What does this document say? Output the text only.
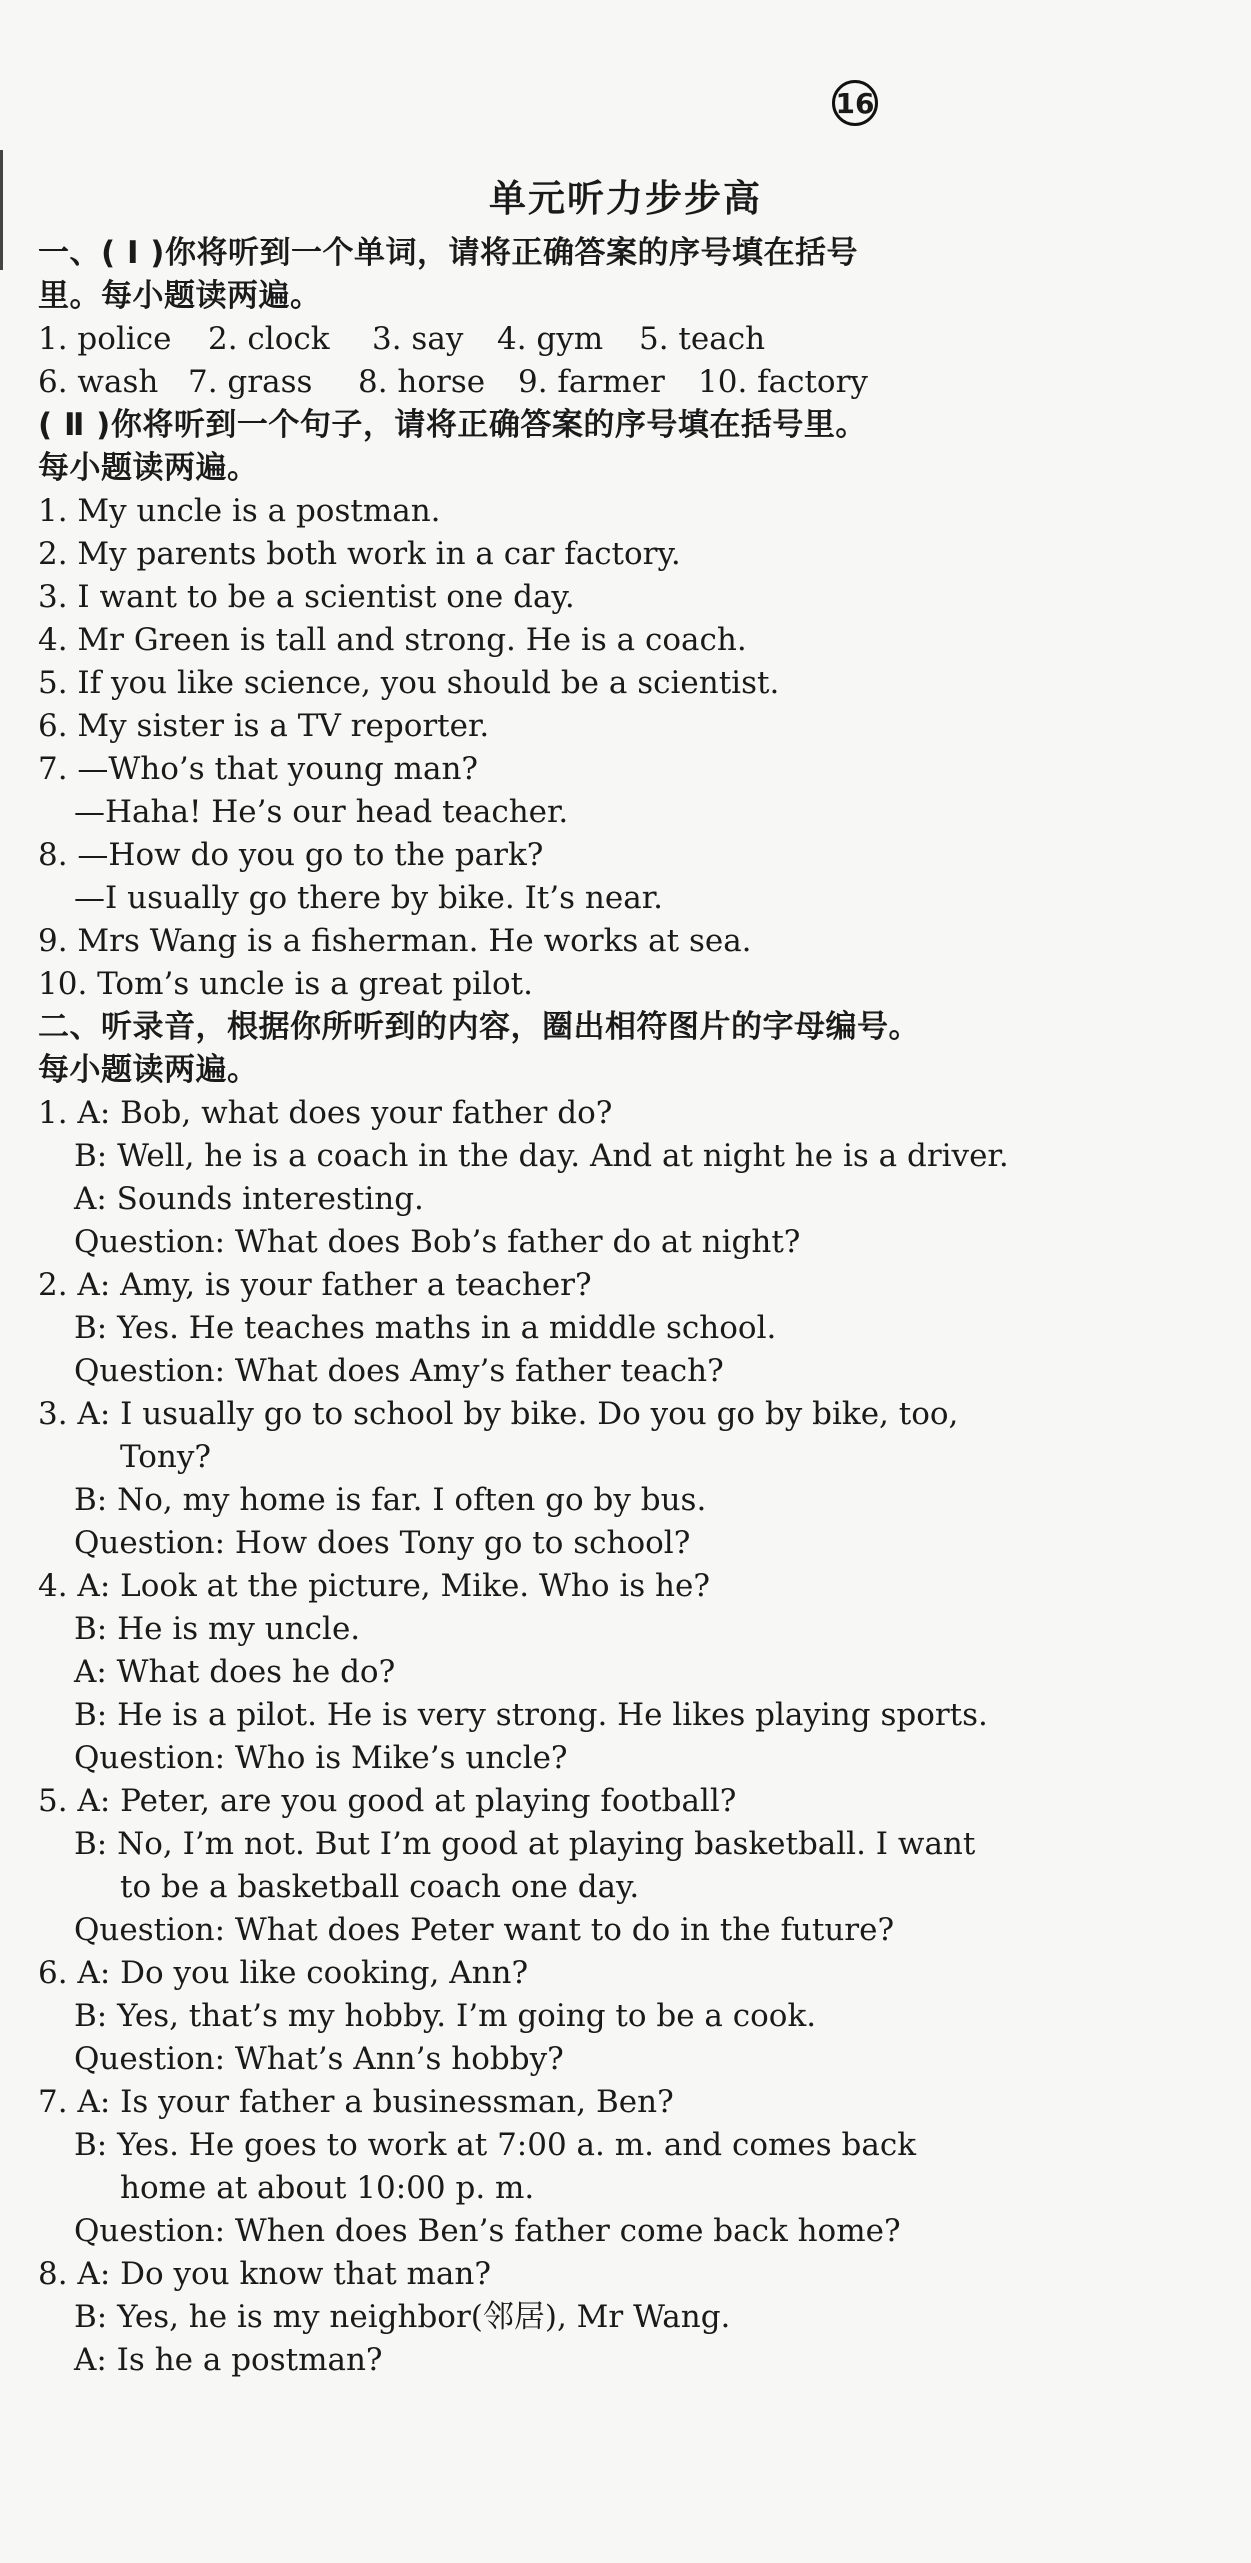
16
单元听力步步高
一、( Ⅰ )你将听到一个单词，请将正确答案的序号填在括号
里。每小题读两遍。
1. police 2. clock 3. say 4. gym 5. teach
6. wash 7. grass 8. horse 9. farmer 10. factory
( Ⅱ )你将听到一个句子，请将正确答案的序号填在括号里。
每小题读两遍。
1. My uncle is a postman.
2. My parents both work in a car factory.
3. I want to be a scientist one day.
4. Mr Green is tall and strong. He is a coach.
5. If you like science, you should be a scientist.
6. My sister is a TV reporter.
7. —Who’s that young man?
—Haha! He’s our head teacher.
8. —How do you go to the park?
—I usually go there by bike. It’s near.
9. Mrs Wang is a fisherman. He works at sea.
10. Tom’s uncle is a great pilot.
二、听录音，根据你所听到的内容，圈出相符图片的字母编号。
每小题读两遍。
1. A: Bob, what does your father do?
B: Well, he is a coach in the day. And at night he is a driver.
A: Sounds interesting.
Question: What does Bob’s father do at night?
2. A: Amy, is your father a teacher?
B: Yes. He teaches maths in a middle school.
Question: What does Amy’s father teach?
3. A: I usually go to school by bike. Do you go by bike, too,
Tony?
B: No, my home is far. I often go by bus.
Question: How does Tony go to school?
4. A: Look at the picture, Mike. Who is he?
B: He is my uncle.
A: What does he do?
B: He is a pilot. He is very strong. He likes playing sports.
Question: Who is Mike’s uncle?
5. A: Peter, are you good at playing football?
B: No, I’m not. But I’m good at playing basketball. I want
to be a basketball coach one day.
Question: What does Peter want to do in the future?
6. A: Do you like cooking, Ann?
B: Yes, that’s my hobby. I’m going to be a cook.
Question: What’s Ann’s hobby?
7. A: Is your father a businessman, Ben?
B: Yes. He goes to work at 7:00 a. m. and comes back
home at about 10:00 p. m.
Question: When does Ben’s father come back home?
8. A: Do you know that man?
B: Yes, he is my neighbor(邻居), Mr Wang.
A: Is he a postman?
